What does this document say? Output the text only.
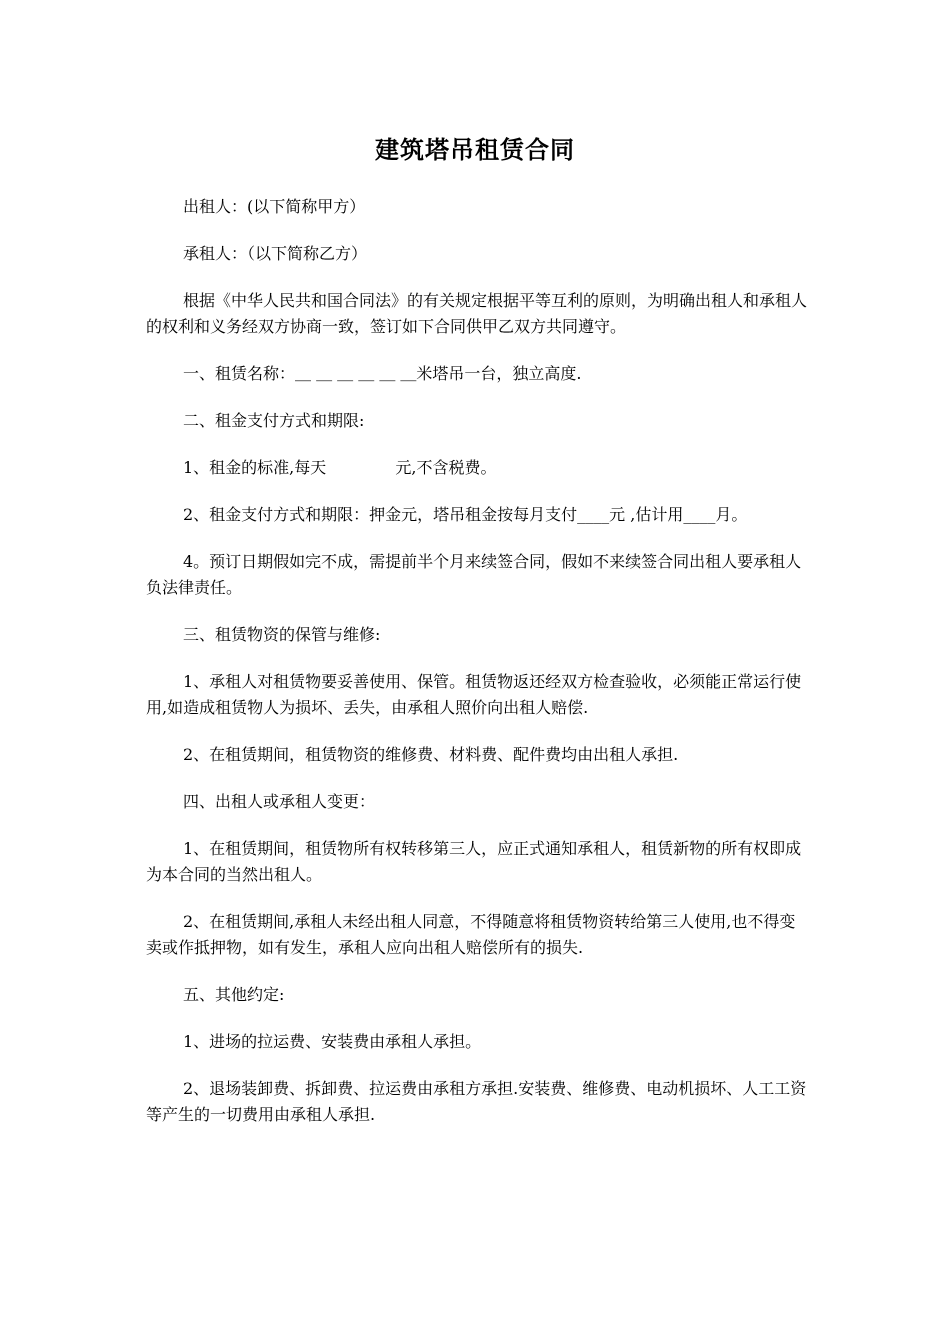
建筑塔吊租赁合同

出租人：(以下简称甲方）

承租人：（以下简称乙方）

根据《中华人民共和国合同法》的有关规定根据平等互利的原则，为明确出租人和承租人的权利和义务经双方协商一致，签订如下合同供甲乙双方共同遵守。

一、租赁名称：＿ ＿ ＿ ＿ ＿ ＿米塔吊一台，独立高度.

二、租金支付方式和期限:

1、租金的标准,每天　　　　 元,不含税费。

2、租金支付方式和期限：押金元，塔吊租金按每月支付____元 ,估计用____月。

4。预订日期假如完不成，需提前半个月来续签合同，假如不来续签合同出租人要承租人负法律责任。

三、租赁物资的保管与维修:

1、承租人对租赁物要妥善使用、保管。租赁物返还经双方检查验收，必须能正常运行使用,如造成租赁物人为损坏、丢失，由承租人照价向出租人赔偿.

2、在租赁期间，租赁物资的维修费、材料费、配件费均由出租人承担.

四、出租人或承租人变更：

1、在租赁期间，租赁物所有权转移第三人，应正式通知承租人，租赁新物的所有权即成为本合同的当然出租人。

2、在租赁期间,承租人未经出租人同意，不得随意将租赁物资转给第三人使用,也不得变卖或作抵押物，如有发生，承租人应向出租人赔偿所有的损失.

五、其他约定:

1、进场的拉运费、安装费由承租人承担。

2、退场装卸费、拆卸费、拉运费由承租方承担.安装费、维修费、电动机损坏、人工工资等产生的一切费用由承租人承担.
